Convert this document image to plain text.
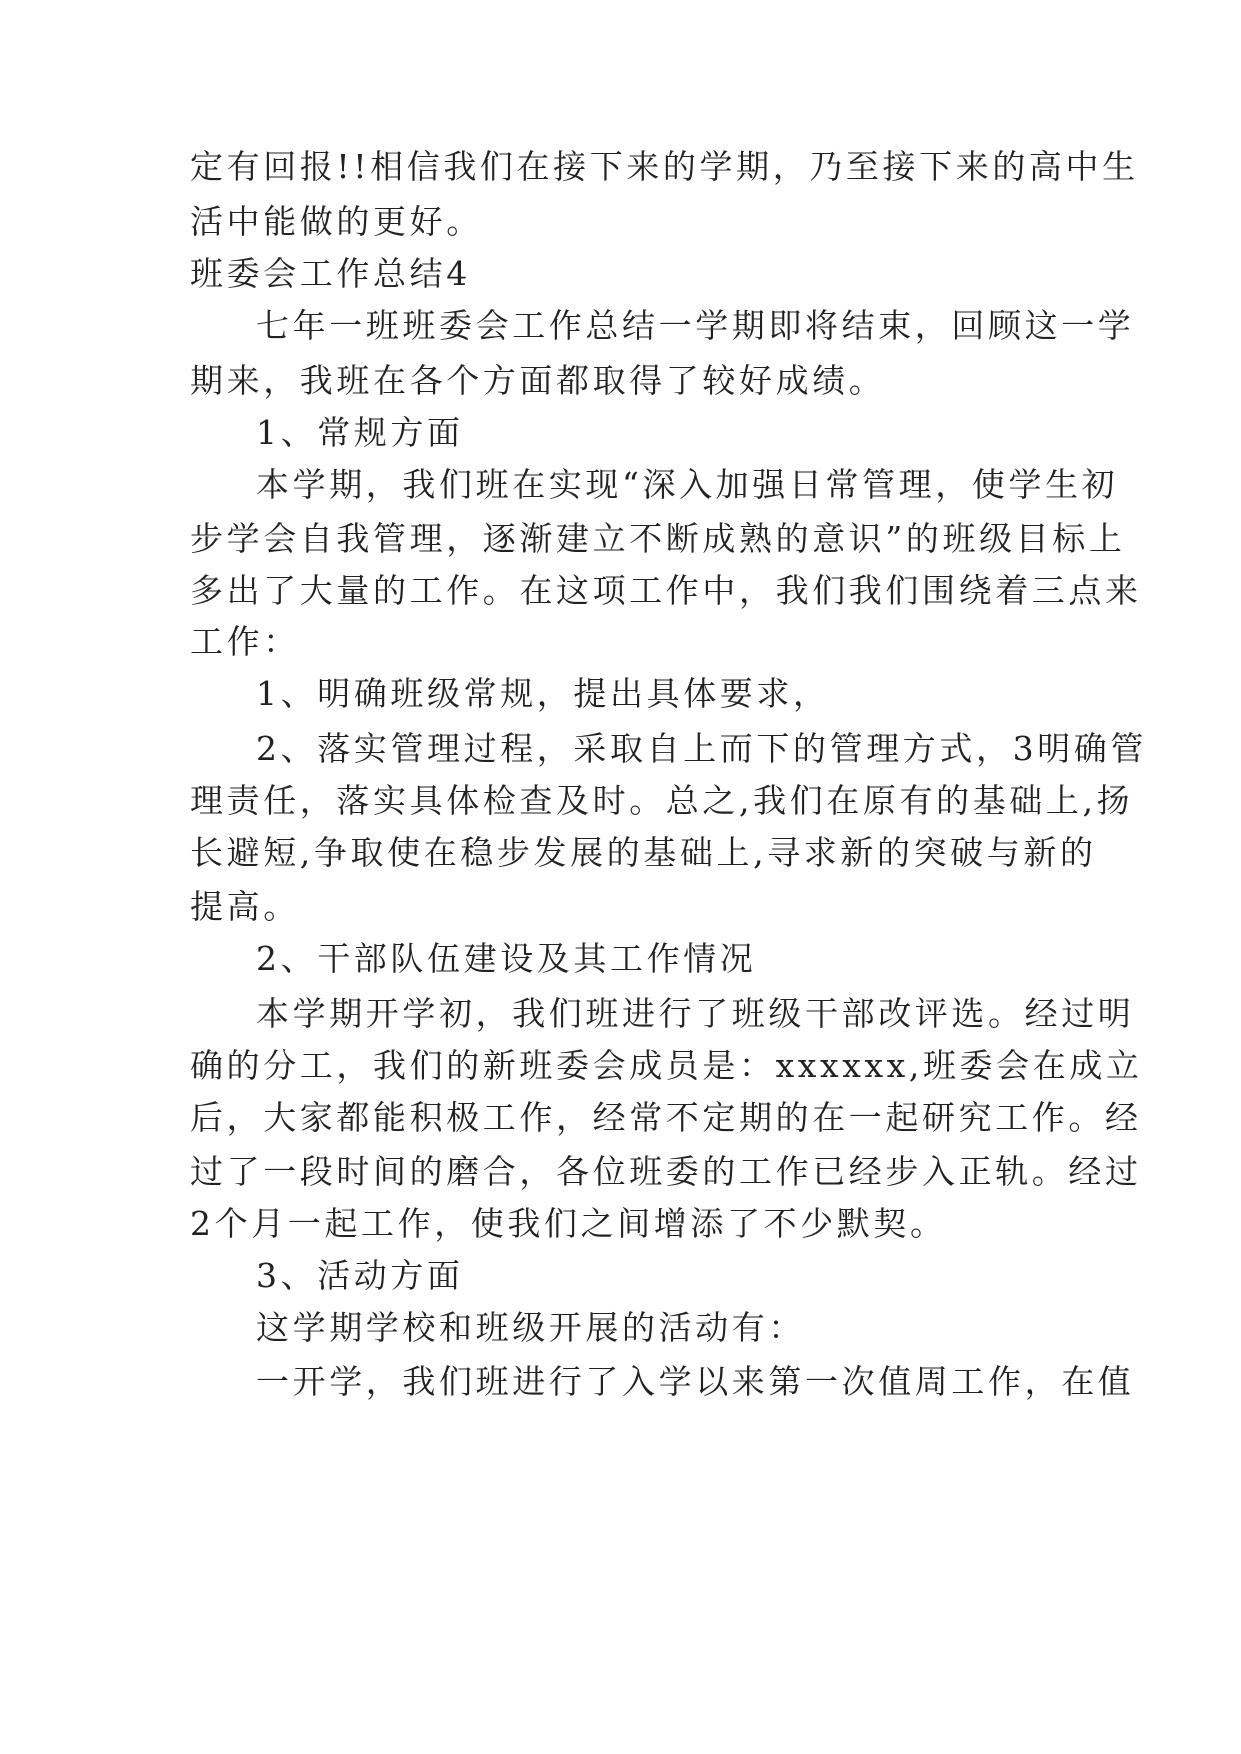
定有回报!!相信我们在接下来的学期，乃至接下来的高中生
活中能做的更好。
班委会工作总结4
七年一班班委会工作总结一学期即将结束，回顾这一学
期来，我班在各个方面都取得了较好成绩。
1、常规方面
本学期，我们班在实现“深入加强日常管理，使学生初
步学会自我管理，逐渐建立不断成熟的意识”的班级目标上
多出了大量的工作。在这项工作中，我们我们围绕着三点来
工作：
1、明确班级常规，提出具体要求，
2、落实管理过程，采取自上而下的管理方式，3明确管
理责任，落实具体检查及时。总之,我们在原有的基础上,扬
长避短,争取使在稳步发展的基础上,寻求新的突破与新的
提高。
2、干部队伍建设及其工作情况
本学期开学初，我们班进行了班级干部改评选。经过明
确的分工，我们的新班委会成员是：xxxxxx,班委会在成立
后，大家都能积极工作，经常不定期的在一起研究工作。经
过了一段时间的磨合，各位班委的工作已经步入正轨。经过
2个月一起工作，使我们之间增添了不少默契。
3、活动方面
这学期学校和班级开展的活动有：
一开学，我们班进行了入学以来第一次值周工作，在值
